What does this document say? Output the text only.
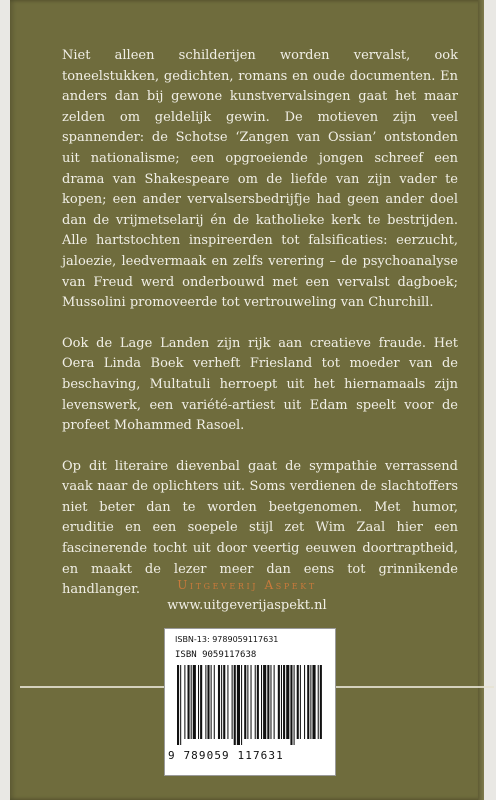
Niet alleen schilderijen worden vervalst, ook toneelstukken, gedichten, romans en oude documenten. En anders dan bij gewone kunstvervalsingen gaat het maar zelden om geldelijk gewin. De motieven zijn veel spannender: de Schotse ‘Zangen van Ossian’ ontstonden uit nationalisme; een opgroeiende jongen schreef een drama van Shakespeare om de liefde van zijn vader te kopen; een ander vervalsersbedrijfje had geen ander doel dan de vrijmetselarij én de katholieke kerk te bestrijden. Alle hartstochten inspireerden tot falsificaties: eerzucht, jaloezie, leedvermaak en zelfs verering – de psychoanalyse van Freud werd onderbouwd met een vervalst dagboek; Mussolini promoveerde tot vertrouweling van Churchill.

Ook de Lage Landen zijn rijk aan creatieve fraude. Het Oera Linda Boek verheft Friesland tot moeder van de beschaving, Multatuli herroept uit het hiernamaals zijn levenswerk, een variété-artiest uit Edam speelt voor de profeet Mohammed Rasoel.

Op dit literaire dievenbal gaat de sympathie verrassend vaak naar de oplichters uit. Soms verdienen de slachtoffers niet beter dan te worden beetgenomen. Met humor, eruditie en een soepele stijl zet Wim Zaal hier een fascinerende tocht uit door veertig eeuwen doortraptheid, en maakt de lezer meer dan eens tot grinnikende handlanger.	Uitgeverij Aspekt
www.uitgeverijaspekt.nl
ISBN-13: 9789059117631
ISBN 9059117638
9 789059 117631
